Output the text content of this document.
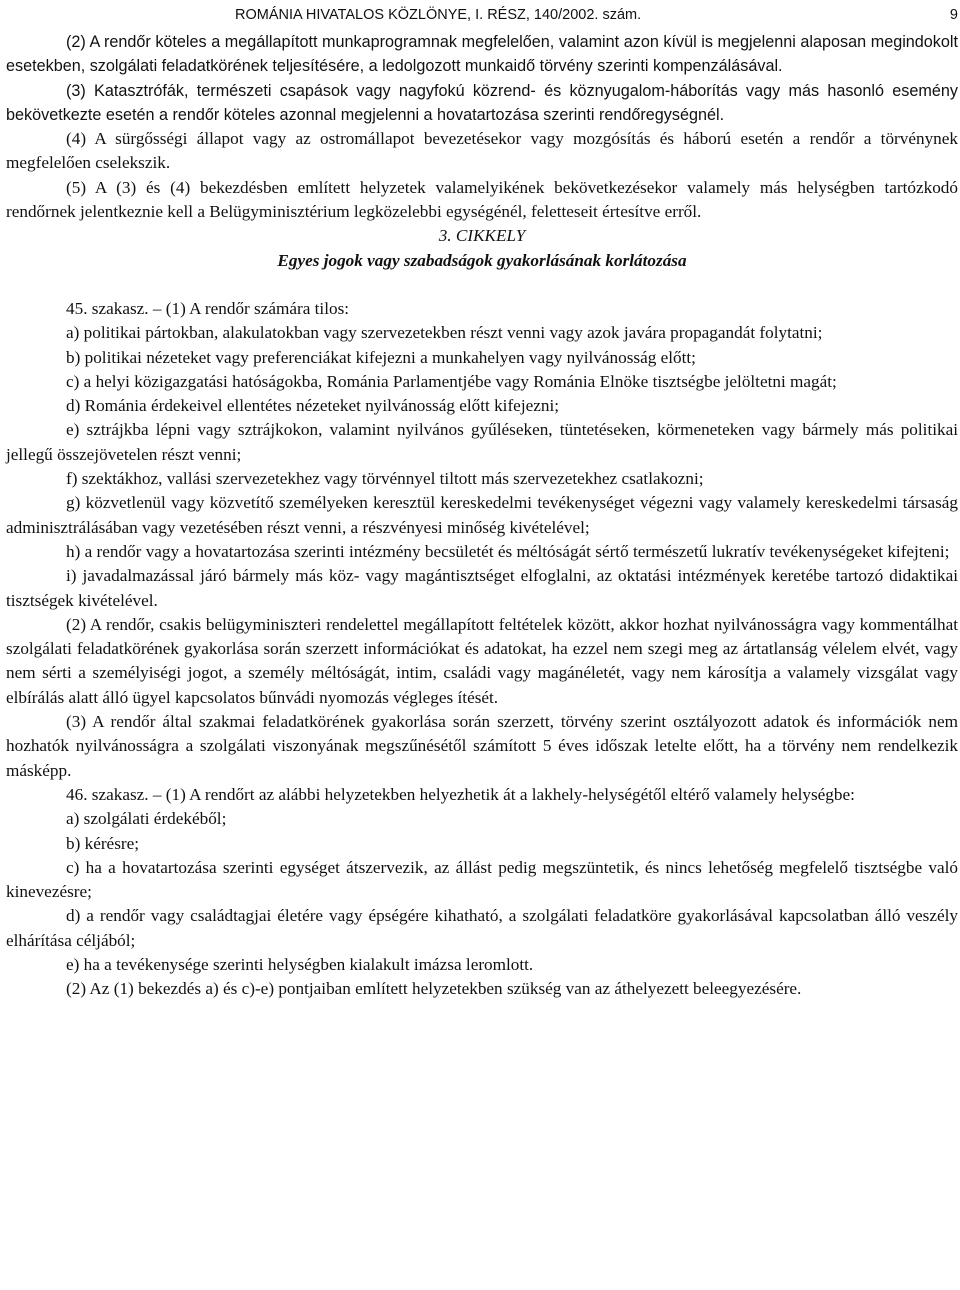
ROMÁNIA HIVATALOS KÖZLÖNYE, I. RÉSZ, 140/2002. szám.	9

(2) A rendőr köteles a megállapított munkaprogramnak megfelelően, valamint azon kívül is megjelenni alaposan megindokolt esetekben, szolgálati feladatkörének teljesítésére, a ledolgozott munkaidő törvény szerinti kompenzálásával.

(3) Katasztrófák, természeti csapások vagy nagyfokú közrend- és köznyugalom-háborítás vagy más hasonló esemény bekövetkezte esetén a rendőr köteles azonnal megjelenni a hovatartozása szerinti rendőregységnél.

(4) A sürgősségi állapot vagy az ostromállapot bevezetésekor vagy mozgósítás és háború esetén a rendőr a törvénynek megfelelően cselekszik.

(5) A (3) és (4) bekezdésben említett helyzetek valamelyikének bekövetkezésekor valamely más helységben tartózkodó rendőrnek jelentkeznie kell a Belügyminisztérium legközelebbi egységénél, feletteseit értesítve erről.

3. CIKKELY
Egyes jogok vagy szabadságok gyakorlásának korlátozása

45. szakasz. – (1) A rendőr számára tilos:

a) politikai pártokban, alakulatokban vagy szervezetekben részt venni vagy azok javára propagandát folytatni;

b) politikai nézeteket vagy preferenciákat kifejezni a munkahelyen vagy nyilvánosság előtt;

c) a helyi közigazgatási hatóságokba, Románia Parlamentjébe vagy Románia Elnöke tisztségbe jelöltetni magát;

d) Románia érdekeivel ellentétes nézeteket nyilvánosság előtt kifejezni;

e) sztrájkba lépni vagy sztrájkokon, valamint nyilvános gyűléseken, tüntetéseken, körmeneteken vagy bármely más politikai jellegű összejövetelen részt venni;

f) szektákhoz, vallási szervezetekhez vagy törvénnyel tiltott más szervezetekhez csatlakozni;

g) közvetlenül vagy közvetítő személyeken keresztül kereskedelmi tevékenységet végezni vagy valamely kereskedelmi társaság adminisztrálásában vagy vezetésében részt venni, a részvényesi minőség kivételével;

h) a rendőr vagy a hovatartozása szerinti intézmény becsületét és méltóságát sértő természetű lukratív tevékenységeket kifejteni;

i) javadalmazással járó bármely más köz- vagy magántisztséget elfoglalni, az oktatási intézmények keretébe tartozó didaktikai tisztségek kivételével.

(2) A rendőr, csakis belügyminiszteri rendelettel megállapított feltételek között, akkor hozhat nyilvánosságra vagy kommentálhat szolgálati feladatkörének gyakorlása során szerzett információkat és adatokat, ha ezzel nem szegi meg az ártatlanság vélelem elvét, vagy nem sérti a személyiségi jogot, a személy méltóságát, intim, családi vagy magánéletét, vagy nem károsítja a valamely vizsgálat vagy elbírálás alatt álló ügyel kapcsolatos bűnvádi nyomozás végleges ítését.

(3) A rendőr által szakmai feladatkörének gyakorlása során szerzett, törvény szerint osztályozott adatok és információk nem hozhatók nyilvánosságra a szolgálati viszonyának megszűnésétől számított 5 éves időszak letelte előtt, ha a törvény nem rendelkezik másképp.

46. szakasz. – (1) A rendőrt az alábbi helyzetekben helyezhetik át a lakhely-helységétől eltérő valamely helységbe:

a) szolgálati érdekéből;

b) kérésre;

c) ha a hovatartozása szerinti egységet átszervezik, az állást pedig megszüntetik, és nincs lehetőség megfelelő tisztségbe való kinevezésre;

d) a rendőr vagy családtagjai életére vagy épségére kihatható, a szolgálati feladatköre gyakorlásával kapcsolatban álló veszély elhárítása céljából;

e) ha a tevékenysége szerinti helységben kialakult imázsa leromlott.

(2) Az (1) bekezdés a) és c)-e) pontjaiban említett helyzetekben szükség van az áthelyezett beleegyezésére.
